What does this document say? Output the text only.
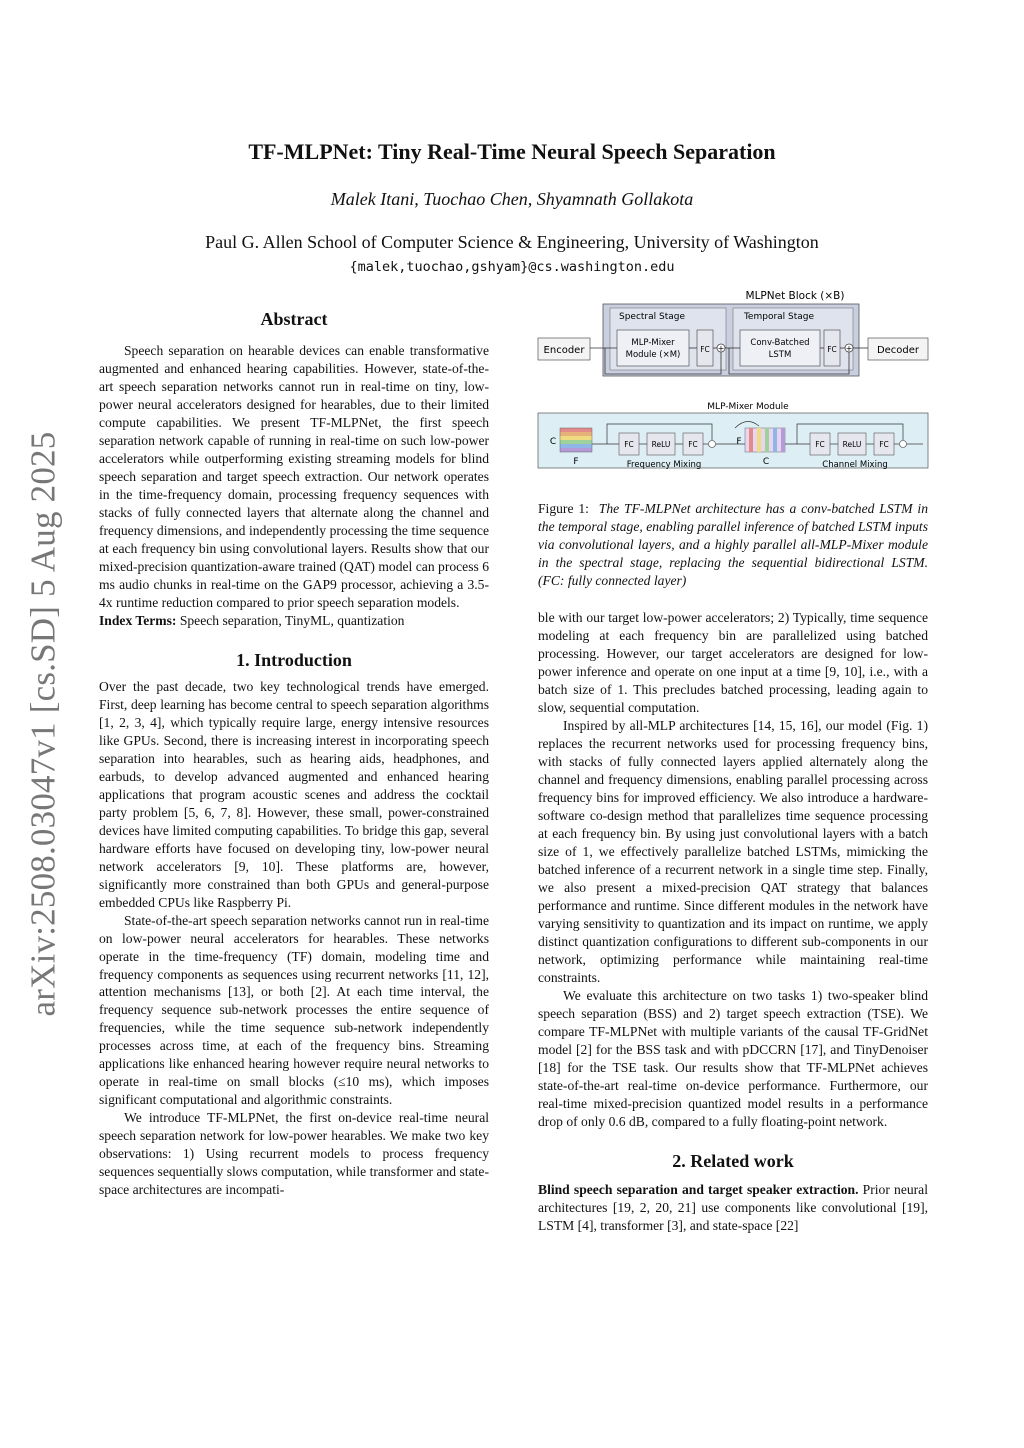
arXiv:2508.03047v1 [cs.SD] 5 Aug 2025
TF-MLPNet: Tiny Real-Time Neural Speech Separation
Malek Itani, Tuochao Chen, Shyamnath Gollakota
Paul G. Allen School of Computer Science & Engineering, University of Washington
{malek,tuochao,gshyam}@cs.washington.edu
Abstract

Speech separation on hearable devices can enable transformative augmented and enhanced hearing capabilities. However, state-of-the-art speech separation networks cannot run in real-time on tiny, low-power neural accelerators designed for hearables, due to their limited compute capabilities. We present TF-MLPNet, the first speech separation network capable of running in real-time on such low-power accelerators while outperforming existing streaming models for blind speech separation and target speech extraction. Our network operates in the time-frequency domain, processing frequency sequences with stacks of fully connected layers that alternate along the channel and frequency dimensions, and independently processing the time sequence at each frequency bin using convolutional layers. Results show that our mixed-precision quantization-aware trained (QAT) model can process 6 ms audio chunks in real-time on the GAP9 processor, achieving a 3.5-4x runtime reduction compared to prior speech separation models.

Index Terms: Speech separation, TinyML, quantization

1. Introduction

Over the past decade, two key technological trends have emerged. First, deep learning has become central to speech separation algorithms [1, 2, 3, 4], which typically require large, energy intensive resources like GPUs. Second, there is increasing interest in incorporating speech separation into hearables, such as hearing aids, headphones, and earbuds, to develop advanced augmented and enhanced hearing applications that program acoustic scenes and address the cocktail party problem [5, 6, 7, 8]. However, these small, power-constrained devices have limited computing capabilities. To bridge this gap, several hardware efforts have focused on developing tiny, low-power neural network accelerators [9, 10]. These platforms are, however, significantly more constrained than both GPUs and general-purpose embedded CPUs like Raspberry Pi.

State-of-the-art speech separation networks cannot run in real-time on low-power neural accelerators for hearables. These networks operate in the time-frequency (TF) domain, modeling time and frequency components as sequences using recurrent networks [11, 12], attention mechanisms [13], or both [2]. At each time interval, the frequency sequence sub-network processes the entire sequence of frequencies, while the time sequence sub-network independently processes across time, at each of the frequency bins. Streaming applications like enhanced hearing however require neural networks to operate in real-time on small blocks (≤10 ms), which imposes significant computational and algorithmic constraints.

We introduce TF-MLPNet, the first on-device real-time neural speech separation network for low-power hearables. We make two key observations: 1) Using recurrent models to process frequency sequences sequentially slows computation, while transformer and state-space architectures are incompati-

MLPNet Block (×B)
Spectral Stage	Temporal Stage
Encoder	Decoder
MLP-Mixer
Module (×M)
FC
Conv-Batched
LSTM
FC
+	+
MLP-Mixer Module
C
F
FC ReLU FC
Frequency Mixing
F
C
FC ReLU FC
Channel Mixing
Figure 1: The TF-MLPNet architecture has a conv-batched LSTM in the temporal stage, enabling parallel inference of batched LSTM inputs via convolutional layers, and a highly parallel all-MLP-Mixer module in the spectral stage, replacing the sequential bidirectional LSTM. (FC: fully connected layer)

ble with our target low-power accelerators; 2) Typically, time sequence modeling at each frequency bin are parallelized using batched processing. However, our target accelerators are designed for low-power inference and operate on one input at a time [9, 10], i.e., with a batch size of 1. This precludes batched processing, leading again to slow, sequential computation.

Inspired by all-MLP architectures [14, 15, 16], our model (Fig. 1) replaces the recurrent networks used for processing frequency bins, with stacks of fully connected layers applied alternately along the channel and frequency dimensions, enabling parallel processing across frequency bins for improved efficiency. We also introduce a hardware-software co-design method that parallelizes time sequence processing at each frequency bin. By using just convolutional layers with a batch size of 1, we effectively parallelize batched LSTMs, mimicking the batched inference of a recurrent network in a single time step. Finally, we also present a mixed-precision QAT strategy that balances performance and runtime. Since different modules in the network have varying sensitivity to quantization and its impact on runtime, we apply distinct quantization configurations to different sub-components in our network, optimizing performance while maintaining real-time constraints.

We evaluate this architecture on two tasks 1) two-speaker blind speech separation (BSS) and 2) target speech extraction (TSE). We compare TF-MLPNet with multiple variants of the causal TF-GridNet model [2] for the BSS task and with pDCCRN [17], and TinyDenoiser [18] for the TSE task. Our results show that TF-MLPNet achieves state-of-the-art real-time on-device performance. Furthermore, our real-time mixed-precision quantized model results in a performance drop of only 0.6 dB, compared to a fully floating-point network.

2. Related work

Blind speech separation and target speaker extraction. Prior neural architectures [19, 2, 20, 21] use components like convolutional [19], LSTM [4], transformer [3], and state-space [22]
